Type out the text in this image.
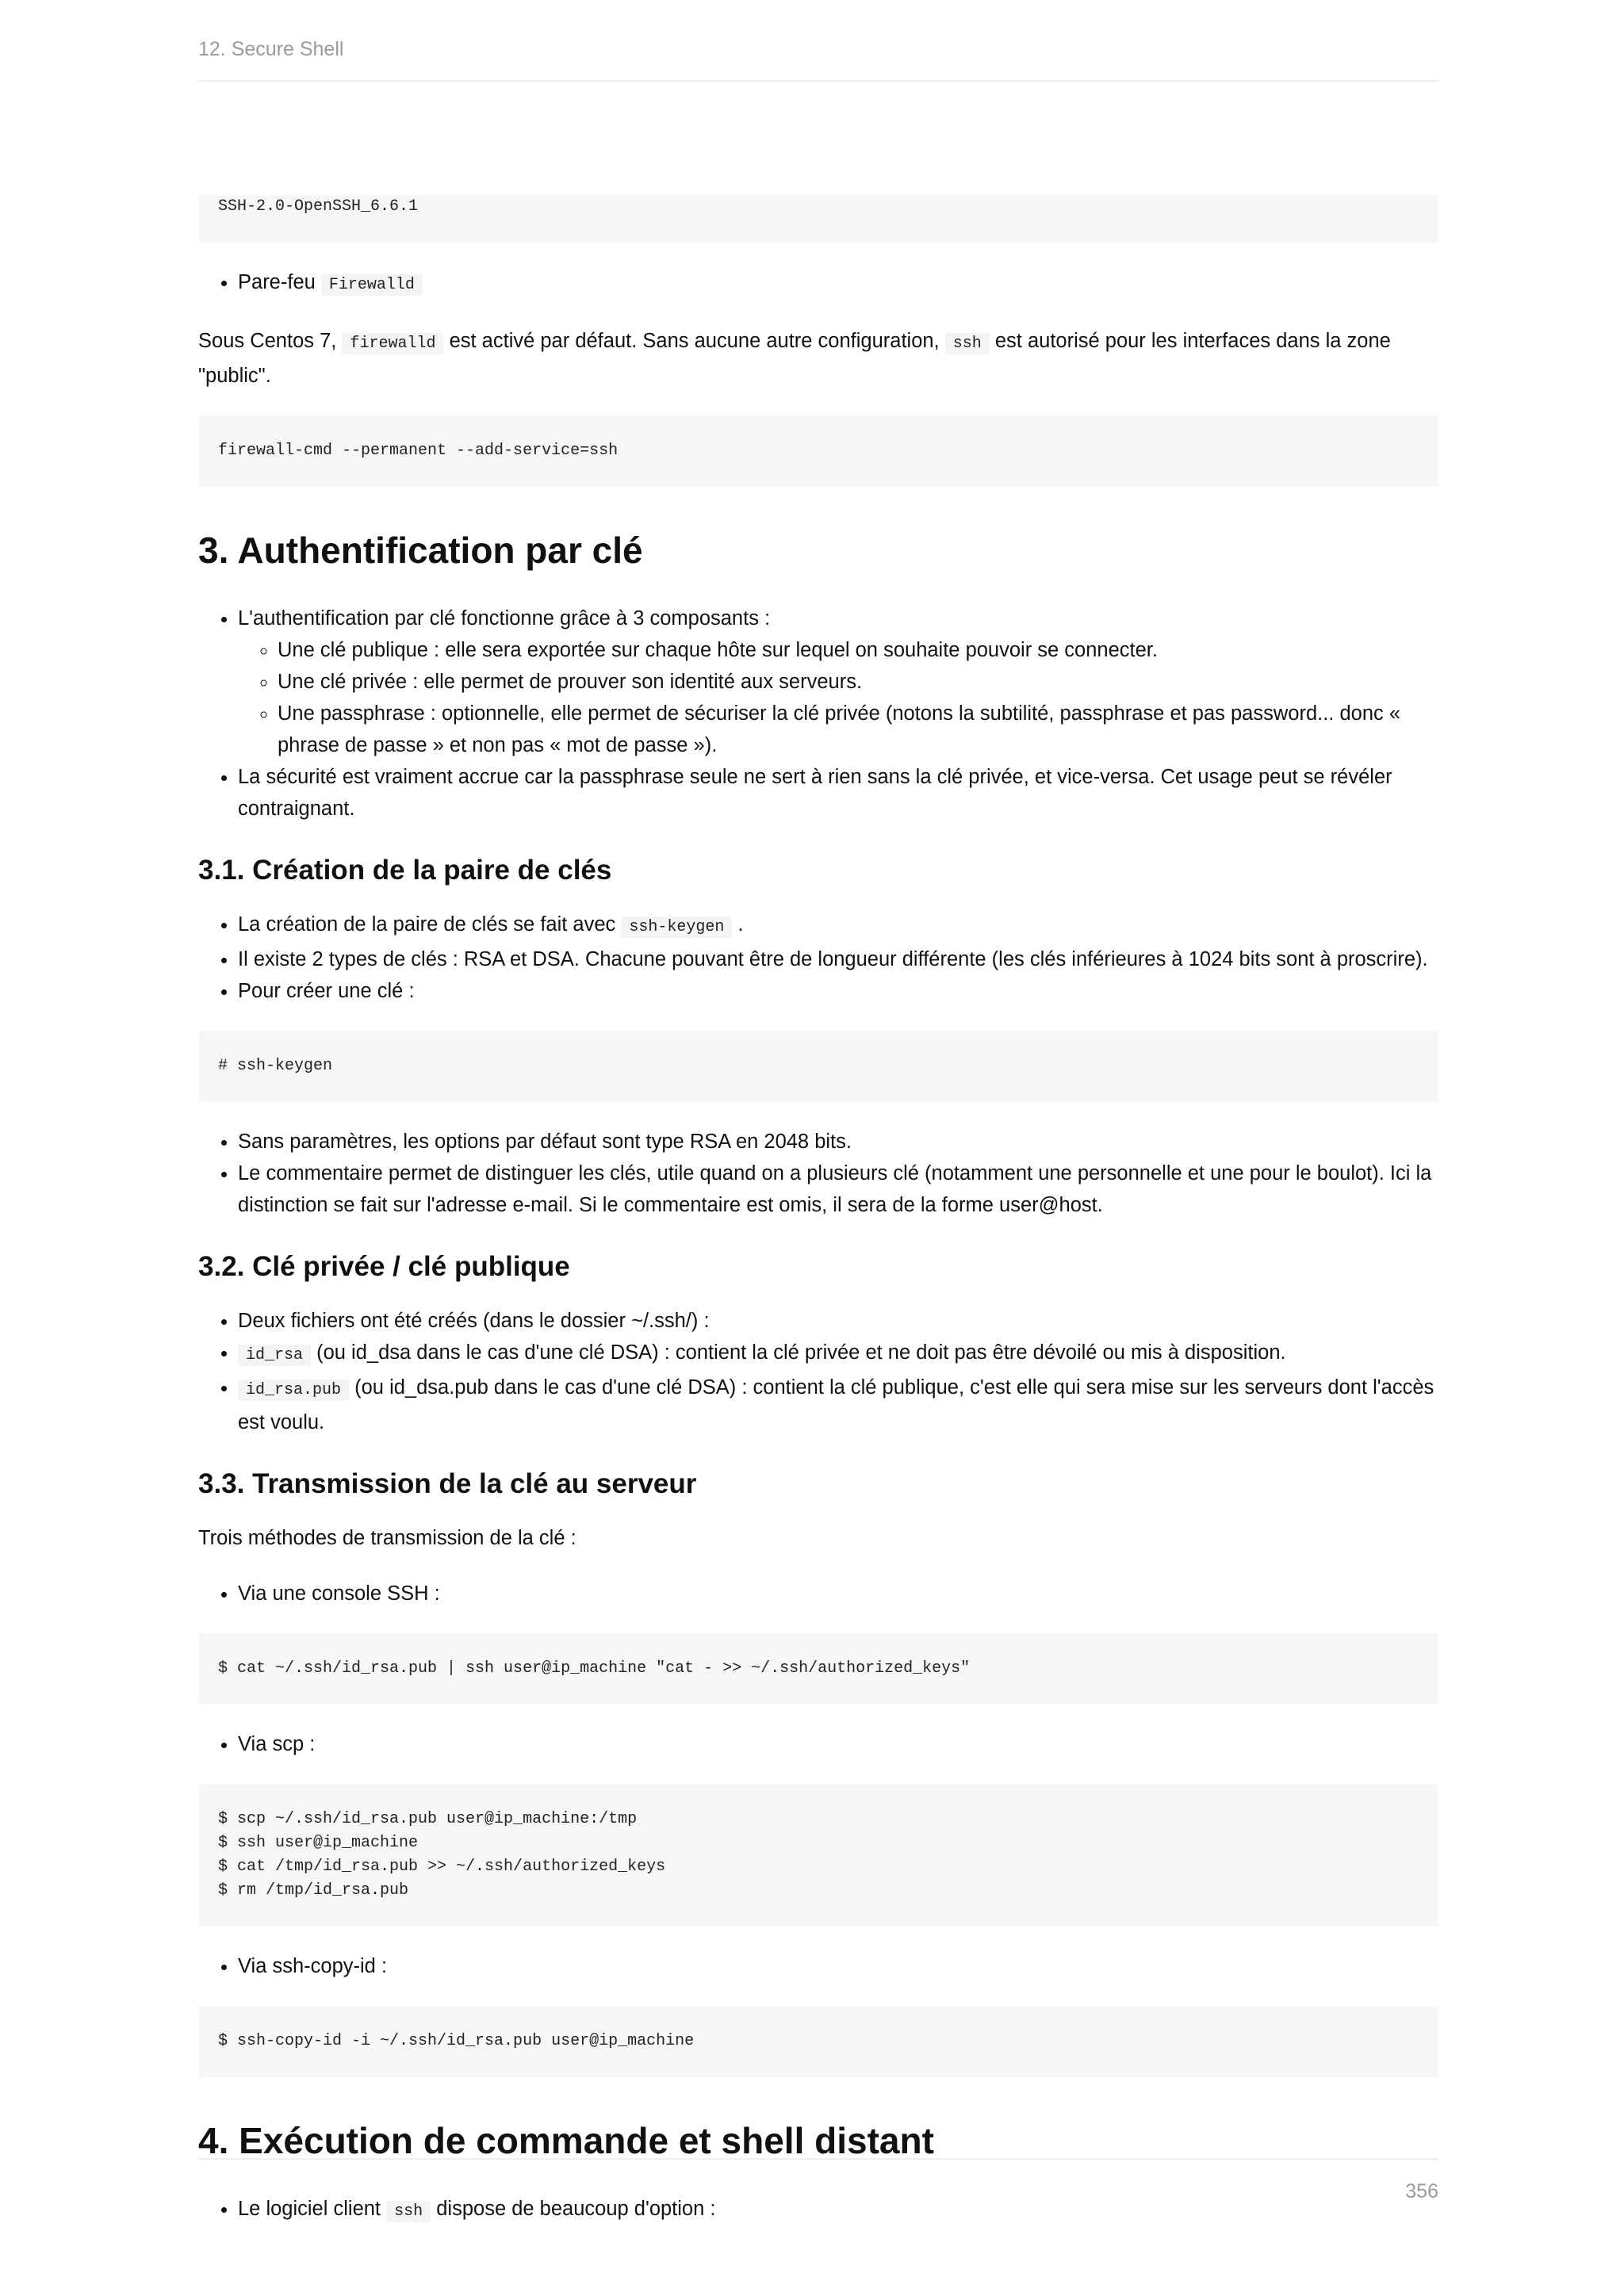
12. Secure Shell
SSH-2.0-OpenSSH_6.6.1
• Pare-feu Firewalld

Sous Centos 7, firewalld est activé par défaut. Sans aucune autre configuration, ssh est autorisé pour les interfaces dans la zone "public".

firewall-cmd --permanent --add-service=ssh
3. Authentification par clé
• L'authentification par clé fonctionne grâce à 3 composants :
◦ Une clé publique : elle sera exportée sur chaque hôte sur lequel on souhaite pouvoir se connecter.
◦ Une clé privée : elle permet de prouver son identité aux serveurs.
◦ Une passphrase : optionnelle, elle permet de sécuriser la clé privée (notons la subtilité, passphrase et pas password... donc « phrase de passe » et non pas « mot de passe »).
• La sécurité est vraiment accrue car la passphrase seule ne sert à rien sans la clé privée, et vice-versa. Cet usage peut se révéler contraignant.
3.1. Création de la paire de clés
• La création de la paire de clés se fait avec ssh-keygen .
• Il existe 2 types de clés : RSA et DSA. Chacune pouvant être de longueur différente (les clés inférieures à 1024 bits sont à proscrire).
• Pour créer une clé :
# ssh-keygen
• Sans paramètres, les options par défaut sont type RSA en 2048 bits.
• Le commentaire permet de distinguer les clés, utile quand on a plusieurs clé (notamment une personnelle et une pour le boulot). Ici la distinction se fait sur l'adresse e-mail. Si le commentaire est omis, il sera de la forme user@host.
3.2. Clé privée / clé publique
• Deux fichiers ont été créés (dans le dossier ~/.ssh/) :
• id_rsa (ou id_dsa dans le cas d'une clé DSA) : contient la clé privée et ne doit pas être dévoilé ou mis à disposition.
• id_rsa.pub (ou id_dsa.pub dans le cas d'une clé DSA) : contient la clé publique, c'est elle qui sera mise sur les serveurs dont l'accès est voulu.
3.3. Transmission de la clé au serveur

Trois méthodes de transmission de la clé :

• Via une console SSH :
$ cat ~/.ssh/id_rsa.pub | ssh user@ip_machine "cat - >> ~/.ssh/authorized_keys"
• Via scp :
$ scp ~/.ssh/id_rsa.pub user@ip_machine:/tmp
$ ssh user@ip_machine
$ cat /tmp/id_rsa.pub >> ~/.ssh/authorized_keys
$ rm /tmp/id_rsa.pub
• Via ssh-copy-id :
$ ssh-copy-id -i ~/.ssh/id_rsa.pub user@ip_machine
4. Exécution de commande et shell distant
• Le logiciel client ssh dispose de beaucoup d'option :
356
